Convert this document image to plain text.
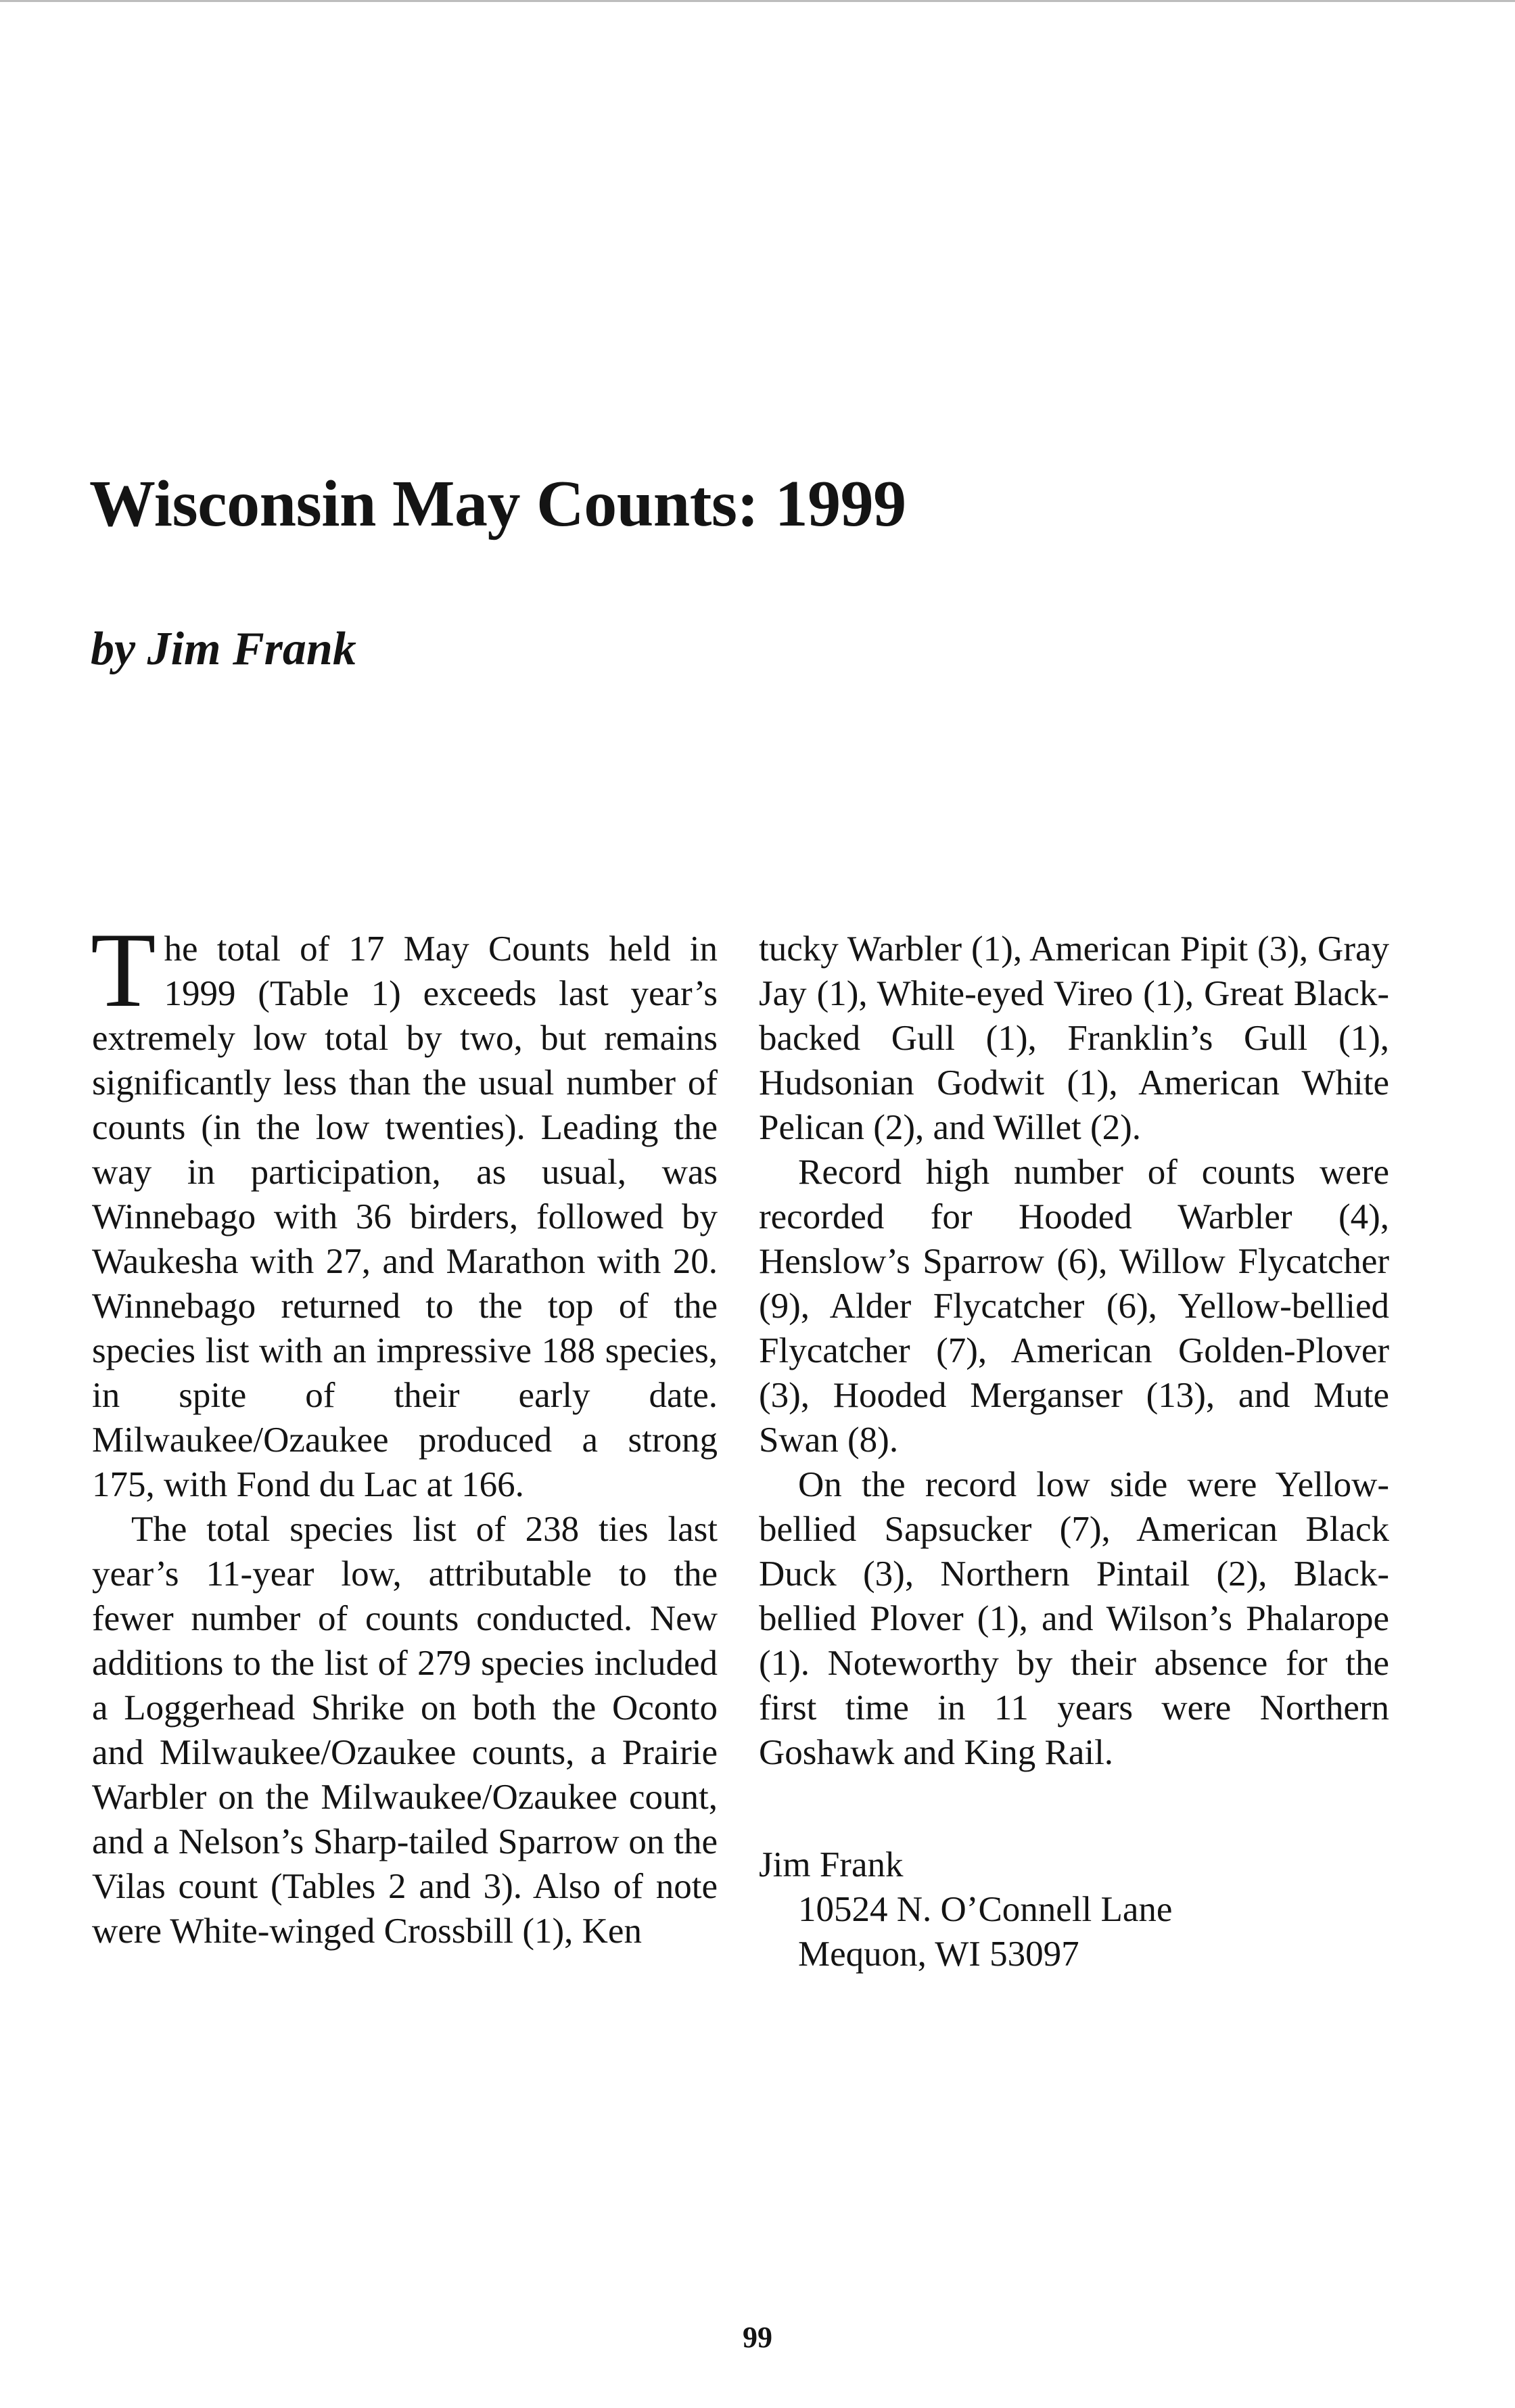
Wisconsin May Counts: 1999
by Jim Frank

The total of 17 May Counts held in 1999 (Table 1) exceeds last year’s extremely low total by two, but remains significantly less than the usual number of counts (in the low twenties). Leading the way in participation, as usual, was Winnebago with 36 birders, followed by Waukesha with 27, and Marathon with 20. Winnebago returned to the top of the species list with an impressive 188 species, in spite of their early date. Milwaukee/Ozaukee produced a strong 175, with Fond du Lac at 166.

The total species list of 238 ties last year’s 11-year low, attributable to the fewer number of counts conducted. New additions to the list of 279 species included a Loggerhead Shrike on both the Oconto and Milwaukee/Ozaukee counts, a Prairie Warbler on the Milwaukee/Ozaukee count, and a Nelson’s Sharp-tailed Sparrow on the Vilas count (Tables 2 and 3). Also of note were White-winged Crossbill (1), Ken

tucky Warbler (1), American Pipit (3), Gray Jay (1), White-eyed Vireo (1), Great Black-backed Gull (1), Franklin’s Gull (1), Hudsonian Godwit (1), American White Pelican (2), and Willet (2).

Record high number of counts were recorded for Hooded Warbler (4), Henslow’s Sparrow (6), Willow Flycatcher (9), Alder Flycatcher (6), Yellow-bellied Flycatcher (7), American Golden-Plover (3), Hooded Merganser (13), and Mute Swan (8).

On the record low side were Yellow-bellied Sapsucker (7), American Black Duck (3), Northern Pintail (2), Black-bellied Plover (1), and Wilson’s Phalarope (1). Noteworthy by their absence for the first time in 11 years were Northern Goshawk and King Rail.

Jim Frank
10524 N. O’Connell Lane
Mequon, WI 53097
99
